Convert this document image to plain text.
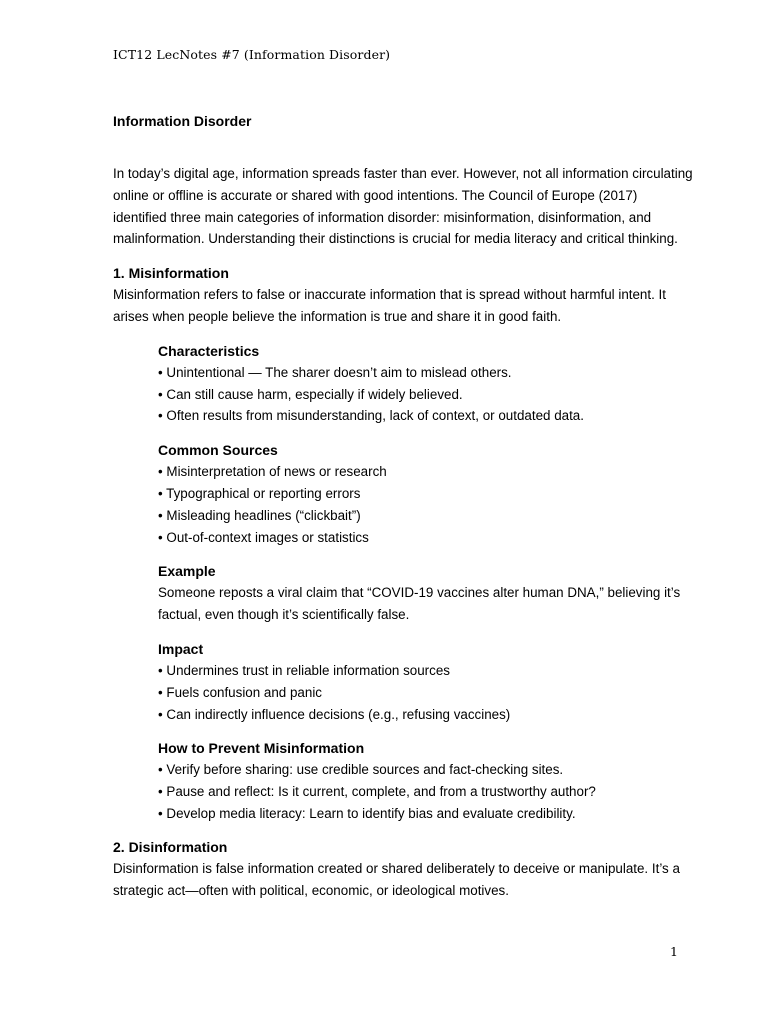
ICT12 LecNotes #7 (Information Disorder)

Information Disorder

In today’s digital age, information spreads faster than ever. However, not all information circulating online or offline is accurate or shared with good intentions. The Council of Europe (2017) identified three main categories of information disorder: misinformation, disinformation, and malinformation. Understanding their distinctions is crucial for media literacy and critical thinking.

1. Misinformation

Misinformation refers to false or inaccurate information that is spread without harmful intent. It arises when people believe the information is true and share it in good faith.

Characteristics

• Unintentional — The sharer doesn’t aim to mislead others.

• Can still cause harm, especially if widely believed.

• Often results from misunderstanding, lack of context, or outdated data.

Common Sources

• Misinterpretation of news or research

• Typographical or reporting errors

• Misleading headlines (“clickbait”)

• Out-of-context images or statistics

Example

Someone reposts a viral claim that “COVID-19 vaccines alter human DNA,” believing it’s factual, even though it’s scientifically false.

Impact

• Undermines trust in reliable information sources

• Fuels confusion and panic

• Can indirectly influence decisions (e.g., refusing vaccines)

How to Prevent Misinformation

• Verify before sharing: use credible sources and fact-checking sites.

• Pause and reflect: Is it current, complete, and from a trustworthy author?

• Develop media literacy: Learn to identify bias and evaluate credibility.

2. Disinformation

Disinformation is false information created or shared deliberately to deceive or manipulate. It’s a strategic act—often with political, economic, or ideological motives.

1
